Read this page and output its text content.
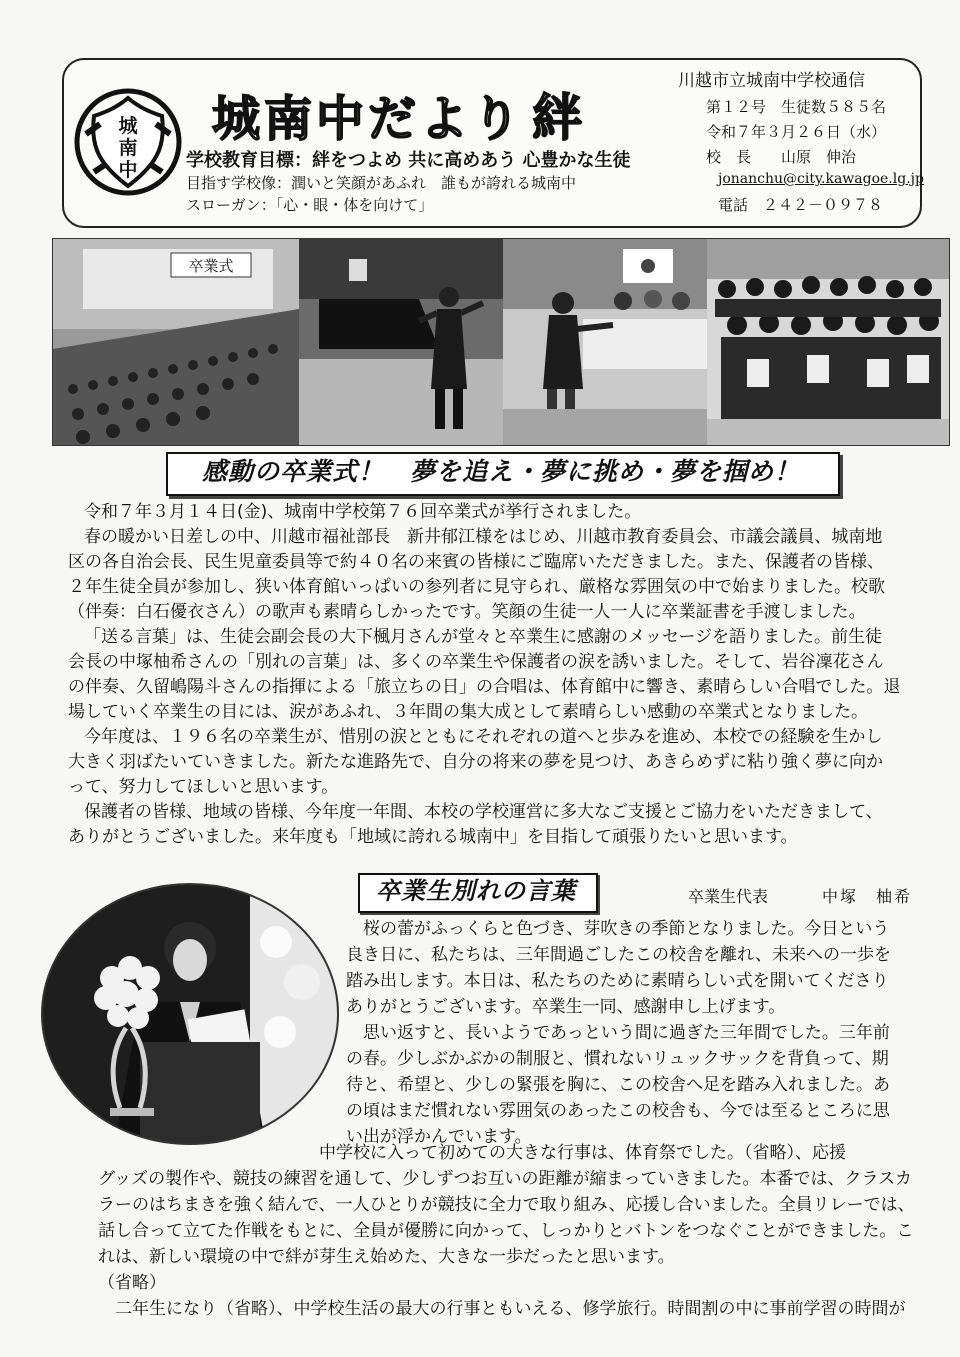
城
南
中
城南中だより 絆
学校教育目標：絆をつよめ 共に高めあう 心豊かな生徒
目指す学校像：潤いと笑顔があふれ　誰もが誇れる城南中
スローガン：「心・眼・体を向けて」
川越市立城南中学校通信
第１２号　生徒数５８５名
令和７年３月２６日（水）
校　長　　山原　伸治
jonanchu@city.kawagoe.lg.jp
電話　２４２－０９７８
卒業式
感動の卒業式！　夢を追え・夢に挑め・夢を掴め！
令和７年３月１４日(金)、城南中学校第７６回卒業式が挙行されました。
春の暖かい日差しの中、川越市福祉部長　新井郁江様をはじめ、川越市教育委員会、市議会議員、城南地
区の各自治会長、民生児童委員等で約４０名の来賓の皆様にご臨席いただきました。また、保護者の皆様、
２年生徒全員が参加し、狭い体育館いっぱいの参列者に見守られ、厳格な雰囲気の中で始まりました。校歌
（伴奏：白石優衣さん）の歌声も素晴らしかったです。笑顔の生徒一人一人に卒業証書を手渡しました。
「送る言葉」は、生徒会副会長の大下楓月さんが堂々と卒業生に感謝のメッセージを語りました。前生徒
会長の中塚柚希さんの「別れの言葉」は、多くの卒業生や保護者の涙を誘いました。そして、岩谷凜花さん
の伴奏、久留嶋陽斗さんの指揮による「旅立ちの日」の合唱は、体育館中に響き、素晴らしい合唱でした。退
場していく卒業生の目には、涙があふれ、３年間の集大成として素晴らしい感動の卒業式となりました。
今年度は、１９６名の卒業生が、惜別の涙とともにそれぞれの道へと歩みを進め、本校での経験を生かし
大きく羽ばたいていきました。新たな進路先で、自分の将来の夢を見つけ、あきらめずに粘り強く夢に向か
って、努力してほしいと思います。
保護者の皆様、地域の皆様、今年度一年間、本校の学校運営に多大なご支援とご協力をいただきまして、
ありがとうございました。来年度も「地域に誇れる城南中」を目指して頑張りたいと思います。
卒業生別れの言葉	卒業生代表	中塚　柚希
　桜の蕾がふっくらと色づき、芽吹きの季節となりました。今日という
良き日に、私たちは、三年間過ごしたこの校舎を離れ、未来への一歩を
踏み出します。本日は、私たちのために素晴らしい式を開いてくださり
ありがとうございます。卒業生一同、感謝申し上げます。
　思い返すと、長いようであっという間に過ぎた三年間でした。三年前
の春。少しぶかぶかの制服と、慣れないリュックサックを背負って、期
待と、希望と、少しの緊張を胸に、この校舎へ足を踏み入れました。あ
の頃はまだ慣れない雰囲気のあったこの校舎も、今では至るところに思
い出が浮かんでいます。
　　　　　　　　　　　　　中学校に入って初めての大きな行事は、体育祭でした。（省略）、応援
グッズの製作や、競技の練習を通して、少しずつお互いの距離が縮まっていきました。本番では、クラスカ
ラーのはちまきを強く結んで、一人ひとりが競技に全力で取り組み、応援し合いました。全員リレーでは、
話し合って立てた作戦をもとに、全員が優勝に向かって、しっかりとバトンをつなぐことができました。こ
れは、新しい環境の中で絆が芽生え始めた、大きな一歩だったと思います。
（省略）
　二年生になり（省略）、中学校生活の最大の行事ともいえる、修学旅行。時間割の中に事前学習の時間が
